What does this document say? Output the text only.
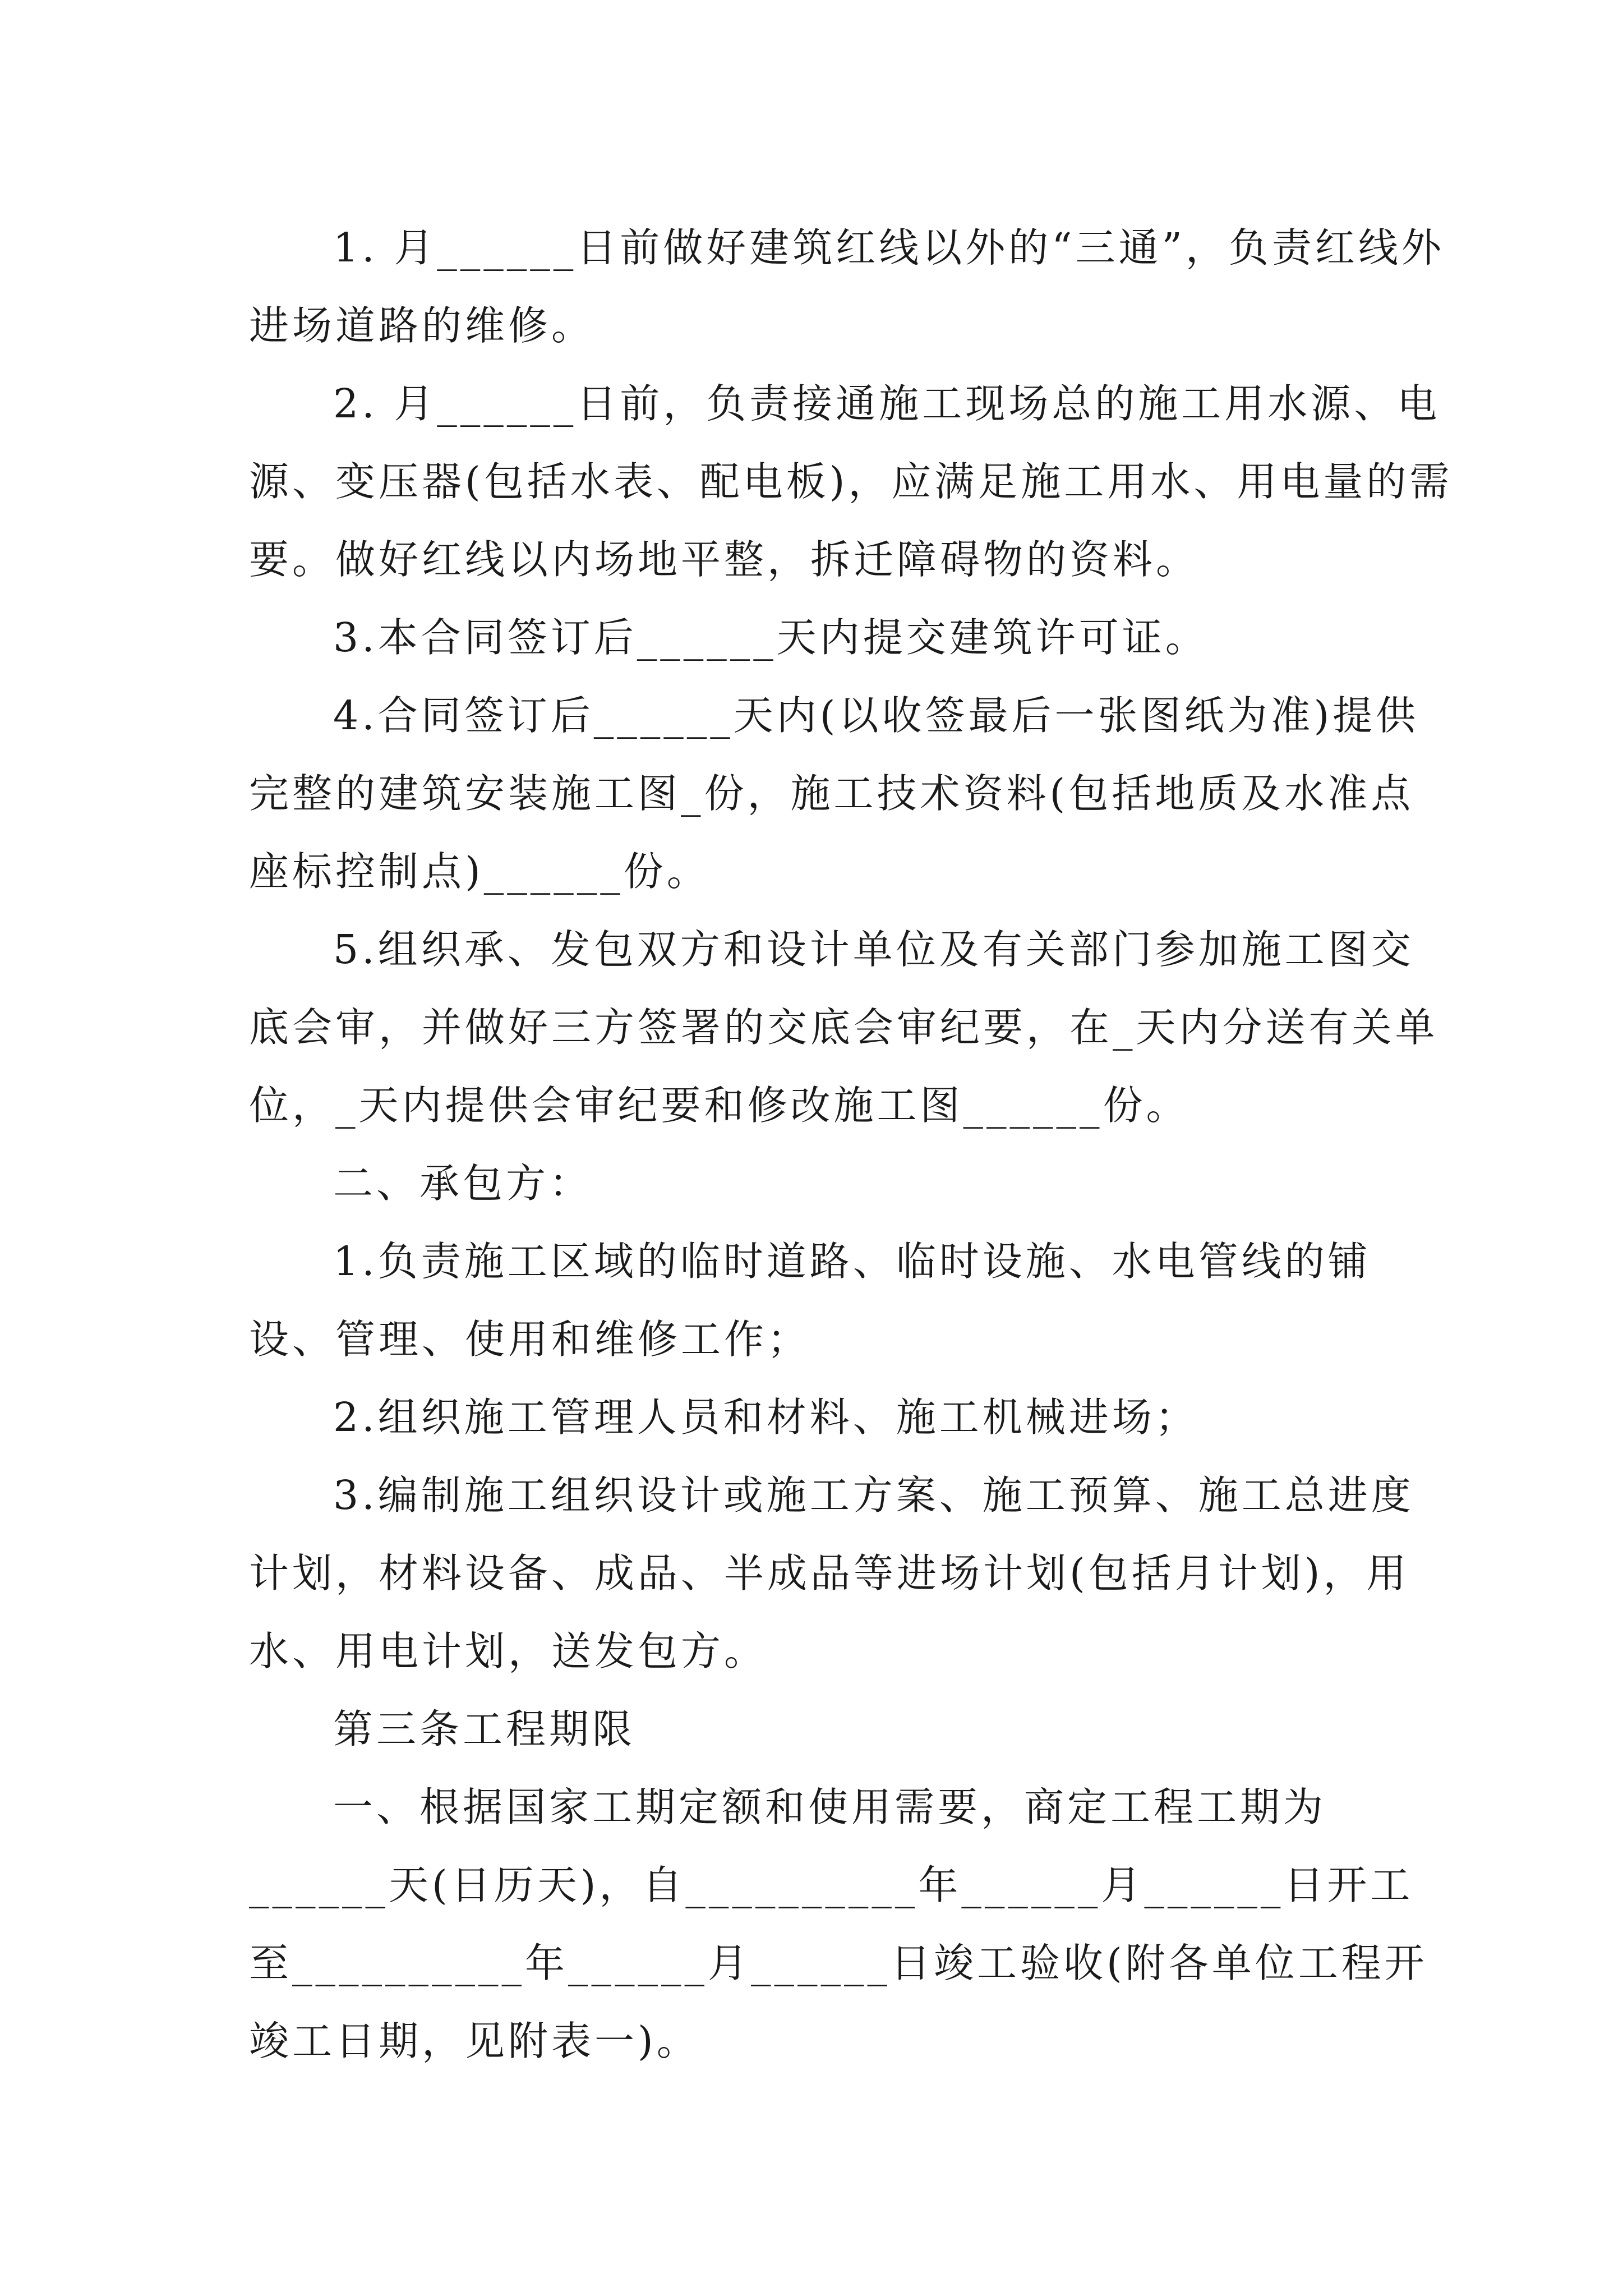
1. 月______日前做好建筑红线以外的“三通”，负责红线外进场道路的维修。

2. 月______日前，负责接通施工现场总的施工用水源、电源、变压器(包括水表、配电板)，应满足施工用水、用电量的需要。做好红线以内场地平整，拆迁障碍物的资料。

3.本合同签订后______天内提交建筑许可证。

4.合同签订后______天内(以收签最后一张图纸为准)提供完整的建筑安装施工图_份，施工技术资料(包括地质及水准点座标控制点)______份。

5.组织承、发包双方和设计单位及有关部门参加施工图交底会审，并做好三方签署的交底会审纪要，在_天内分送有关单位，_天内提供会审纪要和修改施工图______份。

二、承包方：

1.负责施工区域的临时道路、临时设施、水电管线的铺设、管理、使用和维修工作；

2.组织施工管理人员和材料、施工机械进场；

3.编制施工组织设计或施工方案、施工预算、施工总进度计划，材料设备、成品、半成品等进场计划(包括月计划)，用水、用电计划，送发包方。

第三条工程期限

一、根据国家工期定额和使用需要，商定工程工期为______天(日历天)，自__________年______月______日开工至__________年______月______日竣工验收(附各单位工程开竣工日期，见附表一)。
